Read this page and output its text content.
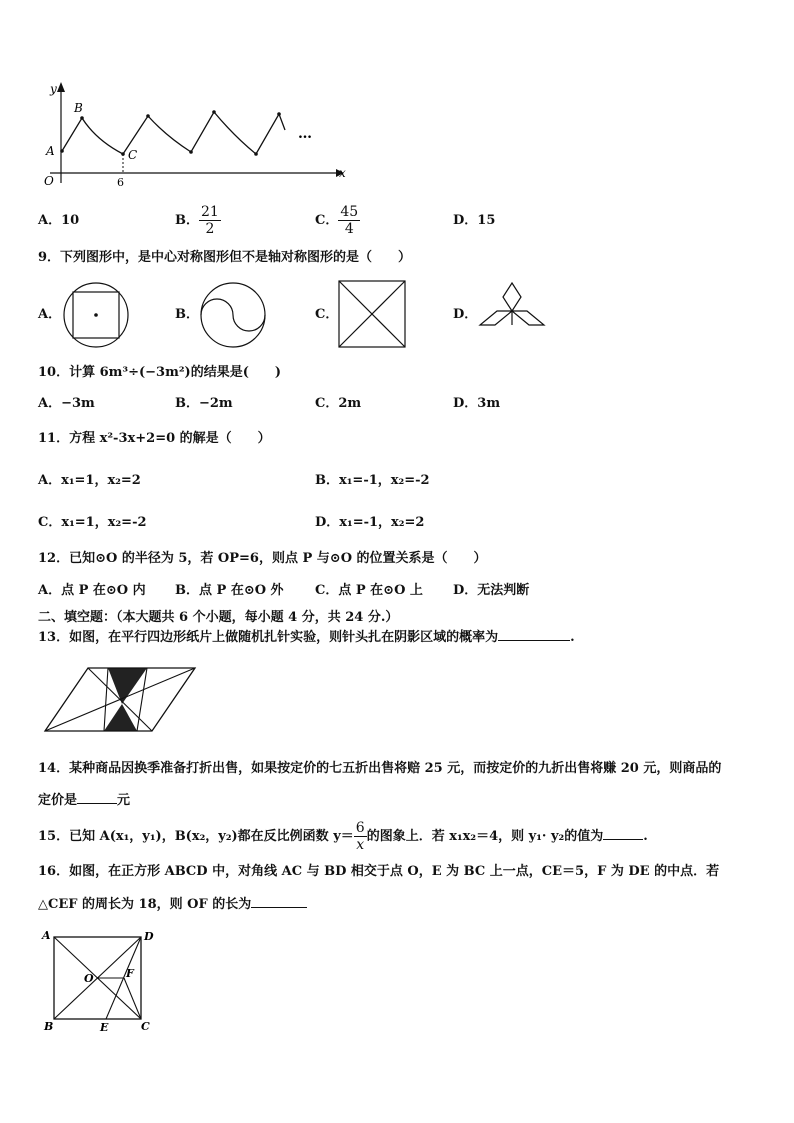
y
x
O
A
B
C
6
…
A．10	B． $\frac{21}{2}$	C． $\frac{45}{4}$	D．15
9．下列图形中，是中心对称图形但不是轴对称图形的是（　　）
A．	B．	C．	D．
10．计算 6m³÷(−3m²)的结果是(　　)
A．−3m	B．−2m	C．2m	D．3m
11．方程 x²-3x+2=0 的解是（　　）
A．x₁=1，x₂=2	B．x₁=-1，x₂=-2
C．x₁=1，x₂=-2	D．x₁=-1，x₂=2
12．已知⊙O 的半径为 5，若 OP=6，则点 P 与⊙O 的位置关系是（　　）
A．点 P 在⊙O 内 B．点 P 在⊙O 外 C．点 P 在⊙O 上 D．无法判断
二、填空题：（本大题共 6 个小题，每小题 4 分，共 24 分.）
13．如图，在平行四边形纸片上做随机扎针实验，则针头扎在阴影区域的概率为	.
14．某种商品因换季准备打折出售，如果按定价的七五折出售将赔 25 元，而按定价的九折出售将赚 20 元，则商品的
定价是	元
15．已知 A(x₁，y₁)，B(x₂，y₂)都在反比例函数 $y= \frac{6}{x}$ 的图象上．若 x₁x₂＝4，则 y₁· y₂的值为	.
16．如图，在正方形 ABCD 中，对角线 AC 与 BD 相交于点 O，E 为 BC 上一点，CE＝5，F 为 DE 的中点．若
△CEF 的周长为 18，则 OF 的长为
A	D
B	C
O
E
F
